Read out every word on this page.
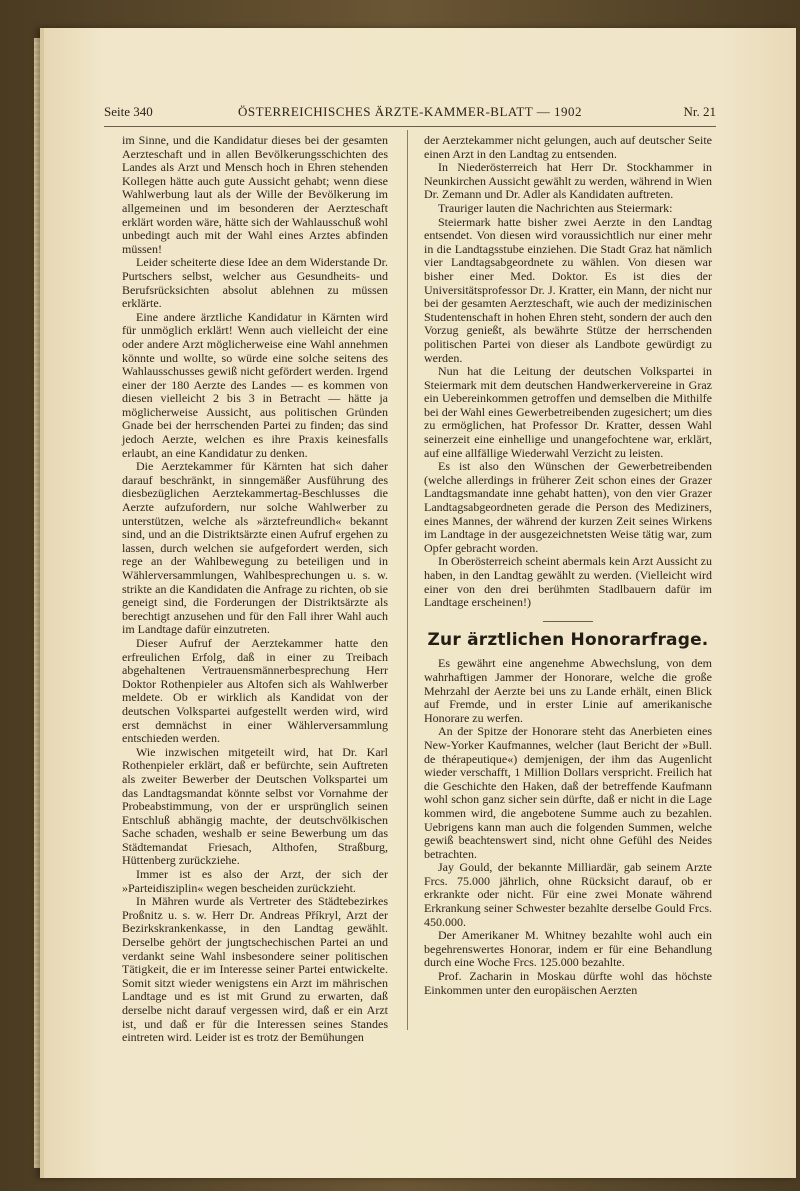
ÖSTERREICHISCHES ÄRZTE-KAMMER-BLATT — 1902
Seite 340	Nr. 21

im Sinne, und die Kandidatur dieses bei der gesamten Aerzteschaft und in allen Bevölkerungsschichten des Landes als Arzt und Mensch hoch in Ehren stehenden Kollegen hätte auch gute Aussicht gehabt; wenn diese Wahlwerbung laut als der Wille der Bevölkerung im allgemeinen und im besonderen der Aerzteschaft erklärt worden wäre, hätte sich der Wahlausschuß wohl unbedingt auch mit der Wahl eines Arztes abfinden müssen!

Leider scheiterte diese Idee an dem Widerstande Dr. Purtschers selbst, welcher aus Gesundheits- und Berufsrücksichten absolut ablehnen zu müssen erklärte.

Eine andere ärztliche Kandidatur in Kärnten wird für unmöglich erklärt! Wenn auch vielleicht der eine oder andere Arzt möglicherweise eine Wahl annehmen könnte und wollte, so würde eine solche seitens des Wahlausschusses gewiß nicht gefördert werden. Irgend einer der 180 Aerzte des Landes — es kommen von diesen vielleicht 2 bis 3 in Betracht — hätte ja möglicherweise Aussicht, aus politischen Gründen Gnade bei der herrschenden Partei zu finden; das sind jedoch Aerzte, welchen es ihre Praxis keinesfalls erlaubt, an eine Kandidatur zu denken.

Die Aerztekammer für Kärnten hat sich daher darauf beschränkt, in sinngemäßer Ausführung des diesbezüglichen Aerztekammertag-Beschlusses die Aerzte aufzufordern, nur solche Wahlwerber zu unterstützen, welche als »ärztefreundlich« bekannt sind, und an die Distriktsärzte einen Aufruf ergehen zu lassen, durch welchen sie aufgefordert werden, sich rege an der Wahlbewegung zu beteiligen und in Wählerversammlungen, Wahlbesprechungen u. s. w. strikte an die Kandidaten die Anfrage zu richten, ob sie geneigt sind, die Forderungen der Distriktsärzte als berechtigt anzusehen und für den Fall ihrer Wahl auch im Landtage dafür einzutreten.

Dieser Aufruf der Aerztekammer hatte den erfreulichen Erfolg, daß in einer zu Treibach abgehaltenen Vertrauensmännerbesprechung Herr Doktor Rothenpieler aus Altofen sich als Wahlwerber meldete. Ob er wirklich als Kandidat von der deutschen Volkspartei aufgestellt werden wird, wird erst demnächst in einer Wählerversammlung entschieden werden.

Wie inzwischen mitgeteilt wird, hat Dr. Karl Rothenpieler erklärt, daß er befürchte, sein Auftreten als zweiter Bewerber der Deutschen Volkspartei um das Landtagsmandat könnte selbst vor Vornahme der Probeabstimmung, von der er ursprünglich seinen Entschluß abhängig machte, der deutschvölkischen Sache schaden, weshalb er seine Bewerbung um das Städtemandat Friesach, Althofen, Straßburg, Hüttenberg zurückziehe.

Immer ist es also der Arzt, der sich der »Parteidisziplin« wegen bescheiden zurückzieht.

In Mähren wurde als Vertreter des Städtebezirkes Proßnitz u. s. w. Herr Dr. Andreas Příkryl, Arzt der Bezirkskrankenkasse, in den Landtag gewählt. Derselbe gehört der jungtschechischen Partei an und verdankt seine Wahl insbesondere seiner politischen Tätigkeit, die er im Interesse seiner Partei entwickelte. Somit sitzt wieder wenigstens ein Arzt im mährischen Landtage und es ist mit Grund zu erwarten, daß derselbe nicht darauf vergessen wird, daß er ein Arzt ist, und daß er für die Interessen seines Standes eintreten wird. Leider ist es trotz der Bemühungen

der Aerztekammer nicht gelungen, auch auf deutscher Seite einen Arzt in den Landtag zu entsenden.

In Niederösterreich hat Herr Dr. Stockhammer in Neunkirchen Aussicht gewählt zu werden, während in Wien Dr. Zemann und Dr. Adler als Kandidaten auftreten.

Trauriger lauten die Nachrichten aus Steiermark:

Steiermark hatte bisher zwei Aerzte in den Landtag entsendet. Von diesen wird voraussichtlich nur einer mehr in die Landtagsstube einziehen. Die Stadt Graz hat nämlich vier Landtagsabgeordnete zu wählen. Von diesen war bisher einer Med. Doktor. Es ist dies der Universitätsprofessor Dr. J. Kratter, ein Mann, der nicht nur bei der gesamten Aerzteschaft, wie auch der medizinischen Studentenschaft in hohen Ehren steht, sondern der auch den Vorzug genießt, als bewährte Stütze der herrschenden politischen Partei von dieser als Landbote gewürdigt zu werden.

Nun hat die Leitung der deutschen Volkspartei in Steiermark mit dem deutschen Handwerkervereine in Graz ein Uebereinkommen getroffen und demselben die Mithilfe bei der Wahl eines Gewerbetreibenden zugesichert; um dies zu ermöglichen, hat Professor Dr. Kratter, dessen Wahl seinerzeit eine einhellige und unangefochtene war, erklärt, auf eine allfällige Wiederwahl Verzicht zu leisten.

Es ist also den Wünschen der Gewerbetreibenden (welche allerdings in früherer Zeit schon eines der Grazer Landtagsmandate inne gehabt hatten), von den vier Grazer Landtagsabgeordneten gerade die Person des Mediziners, eines Mannes, der während der kurzen Zeit seines Wirkens im Landtage in der ausgezeichnetsten Weise tätig war, zum Opfer gebracht worden.

In Oberösterreich scheint abermals kein Arzt Aussicht zu haben, in den Landtag gewählt zu werden. (Vielleicht wird einer von den drei berühmten Stadlbauern dafür im Landtage erscheinen!)

Zur ärztlichen Honorarfrage.

Es gewährt eine angenehme Abwechslung, von dem wahrhaftigen Jammer der Honorare, welche die große Mehrzahl der Aerzte bei uns zu Lande erhält, einen Blick auf Fremde, und in erster Linie auf amerikanische Honorare zu werfen.

An der Spitze der Honorare steht das Anerbieten eines New-Yorker Kaufmannes, welcher (laut Bericht der »Bull. de thérapeutique«) demjenigen, der ihm das Augenlicht wieder verschafft, 1 Million Dollars verspricht. Freilich hat die Geschichte den Haken, daß der betreffende Kaufmann wohl schon ganz sicher sein dürfte, daß er nicht in die Lage kommen wird, die angebotene Summe auch zu bezahlen. Uebrigens kann man auch die folgenden Summen, welche gewiß beachtenswert sind, nicht ohne Gefühl des Neides betrachten.

Jay Gould, der bekannte Milliardär, gab seinem Arzte Frcs. 75.000 jährlich, ohne Rücksicht darauf, ob er erkrankte oder nicht. Für eine zwei Monate während Erkrankung seiner Schwester bezahlte derselbe Gould Frcs. 450.000.

Der Amerikaner M. Whitney bezahlte wohl auch ein begehrenswertes Honorar, indem er für eine Behandlung durch eine Woche Frcs. 125.000 bezahlte.

Prof. Zacharin in Moskau dürfte wohl das höchste Einkommen unter den europäischen Aerzten
